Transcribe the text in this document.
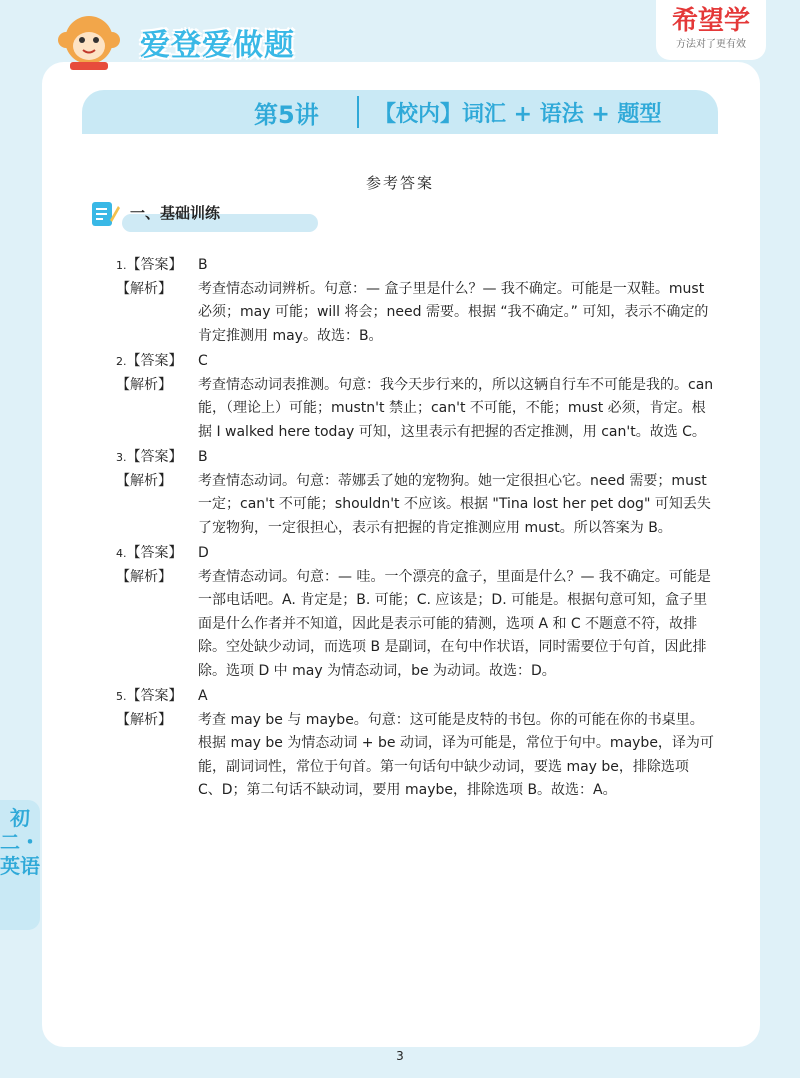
爱登爱做题
希望学
方法对了更有效
第5讲	【校内】词汇 + 语法 + 题型
参考答案
一、基础训练
1.【答案】	B
【解析】	考查情态动词辨析。句意：— 盒子里是什么？— 我不确定。可能是一双鞋。must 必须；may 可能；will 将会；need 需要。根据 “我不确定。” 可知，表示不确定的肯定推测用 may。故选：B。
2.【答案】	C
【解析】	考查情态动词表推测。句意：我今天步行来的，所以这辆自行车不可能是我的。can 能，（理论上）可能；mustn't 禁止；can't 不可能，不能；must 必须，肯定。根据 I walked here today 可知，这里表示有把握的否定推测，用 can't。故选 C。
3.【答案】	B
【解析】	考查情态动词。句意：蒂娜丢了她的宠物狗。她一定很担心它。need 需要；must 一定；can't 不可能；shouldn't 不应该。根据 "Tina lost her pet dog" 可知丢失了宠物狗，一定很担心，表示有把握的肯定推测应用 must。所以答案为 B。
4.【答案】	D
【解析】	考查情态动词。句意：— 哇。一个漂亮的盒子，里面是什么？— 我不确定。可能是一部电话吧。A. 肯定是；B. 可能；C. 应该是；D. 可能是。根据句意可知，盒子里面是什么作者并不知道，因此是表示可能的猜测，选项 A 和 C 不题意不符，故排除。空处缺少动词，而选项 B 是副词，在句中作状语，同时需要位于句首，因此排除。选项 D 中 may 为情态动词，be 为动词。故选：D。
5.【答案】	A
【解析】	考查 may be 与 maybe。句意：这可能是皮特的书包。你的可能在你的书桌里。根据 may be 为情态动词 + be 动词，译为可能是，常位于句中。maybe，译为可能，副词词性，常位于句首。第一句话句中缺少动词，要选 may be，排除选项 C、D；第二句话不缺动词，要用 maybe，排除选项 B。故选：A。
初二・英语
3
